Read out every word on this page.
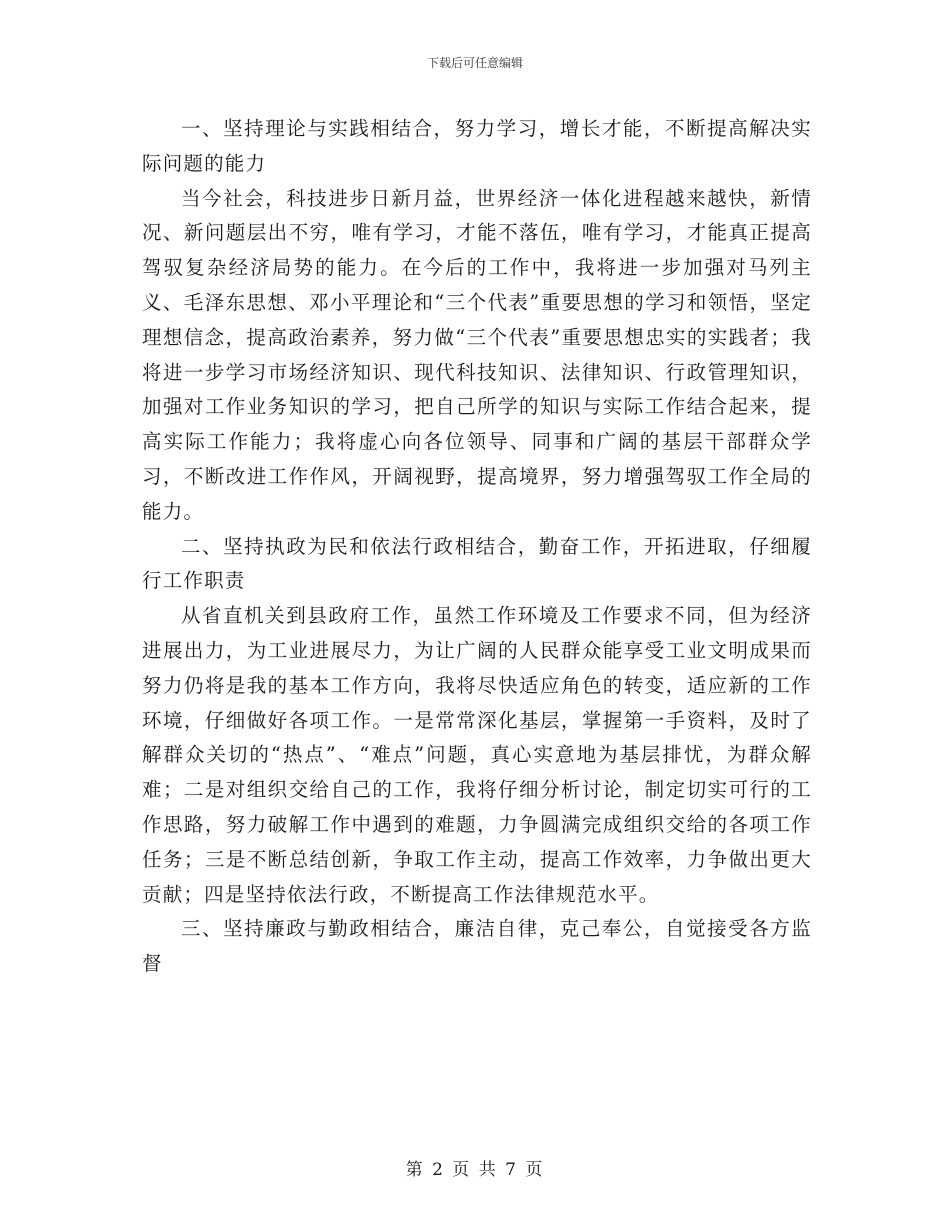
下载后可任意编辑

一、坚持理论与实践相结合，努力学习，增长才能，不断提高解决实际问题的能力

当今社会，科技进步日新月益，世界经济一体化进程越来越快，新情况、新问题层出不穷，唯有学习，才能不落伍，唯有学习，才能真正提高驾驭复杂经济局势的能力。在今后的工作中，我将进一步加强对马列主义、毛泽东思想、邓小平理论和“三个代表”重要思想的学习和领悟，坚定理想信念，提高政治素养，努力做“三个代表”重要思想忠实的实践者；我将进一步学习市场经济知识、现代科技知识、法律知识、行政管理知识，加强对工作业务知识的学习，把自己所学的知识与实际工作结合起来，提高实际工作能力；我将虚心向各位领导、同事和广阔的基层干部群众学习，不断改进工作作风，开阔视野，提高境界，努力增强驾驭工作全局的能力。

二、坚持执政为民和依法行政相结合，勤奋工作，开拓进取，仔细履行工作职责

从省直机关到县政府工作，虽然工作环境及工作要求不同，但为经济进展出力，为工业进展尽力，为让广阔的人民群众能享受工业文明成果而努力仍将是我的基本工作方向，我将尽快适应角色的转变，适应新的工作环境，仔细做好各项工作。一是常常深化基层，掌握第一手资料，及时了解群众关切的“热点”、“难点”问题，真心实意地为基层排忧，为群众解难；二是对组织交给自己的工作，我将仔细分析讨论，制定切实可行的工作思路，努力破解工作中遇到的难题，力争圆满完成组织交给的各项工作任务；三是不断总结创新，争取工作主动，提高工作效率，力争做出更大贡献；四是坚持依法行政，不断提高工作法律规范水平。

三、坚持廉政与勤政相结合，廉洁自律，克己奉公，自觉接受各方监督

第 2 页 共 7 页
